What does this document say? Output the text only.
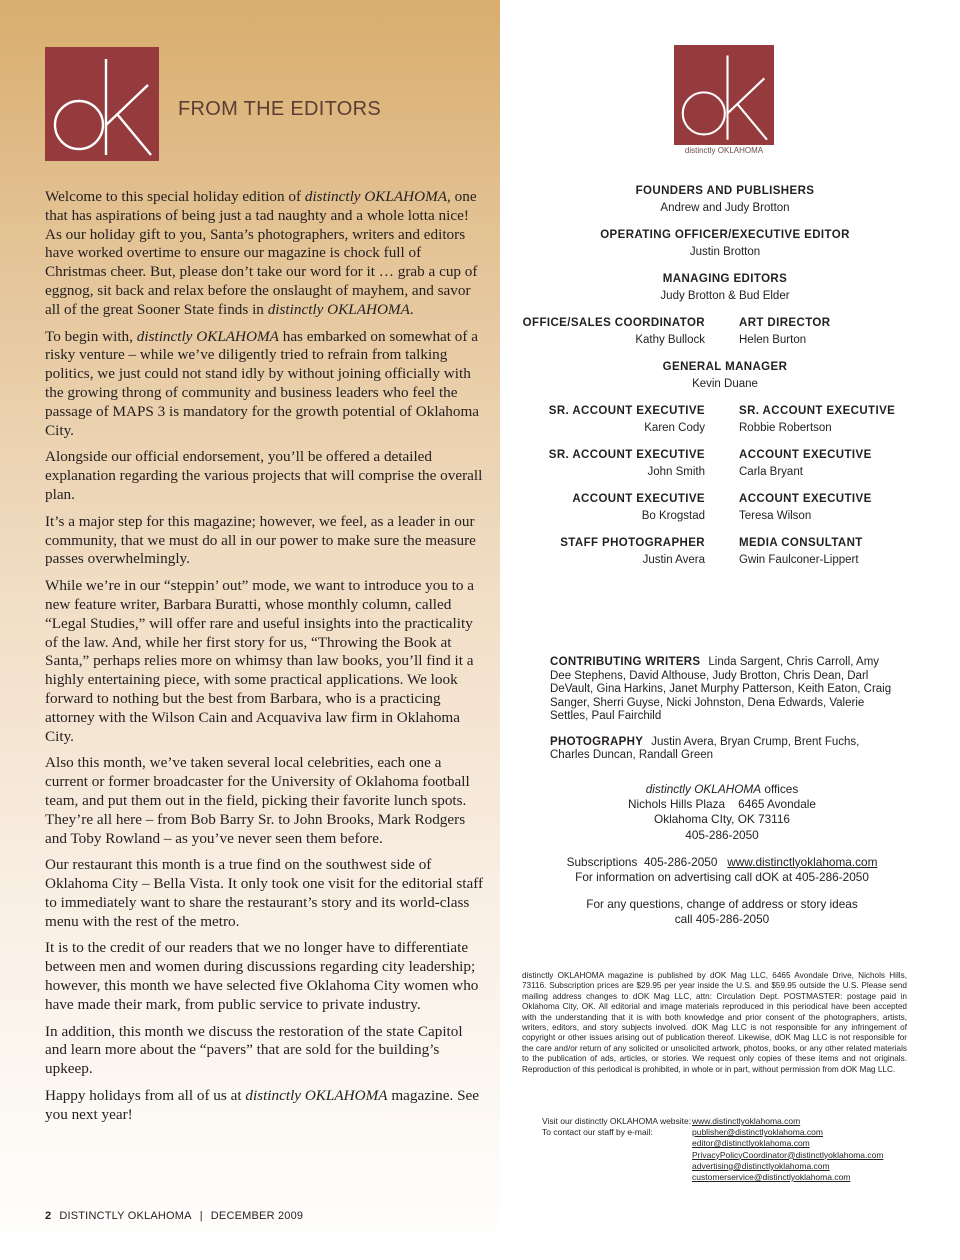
FROM THE EDITORS

Welcome to this special holiday edition of distinctly OKLAHOMA, one that has aspirations of being just a tad naughty and a whole lotta nice! As our holiday gift to you, Santa’s photographers, writers and editors have worked overtime to ensure our magazine is chock full of Christmas cheer. But, please don’t take our word for it … grab a cup of eggnog, sit back and relax before the onslaught of mayhem, and savor all of the great Sooner State finds in distinctly OKLAHOMA.

To begin with, distinctly OKLAHOMA has embarked on somewhat of a risky venture – while we’ve diligently tried to refrain from talking politics, we just could not stand idly by without joining officially with the growing throng of community and business leaders who feel the passage of MAPS 3 is mandatory for the growth potential of Oklahoma City.

Alongside our official endorsement, you’ll be offered a detailed explanation regarding the various projects that will comprise the overall plan.

It’s a major step for this magazine; however, we feel, as a leader in our community, that we must do all in our power to make sure the measure passes overwhelmingly.

While we’re in our “steppin’ out” mode, we want to introduce you to a new feature writer, Barbara Buratti, whose monthly column, called “Legal Studies,” will offer rare and useful insights into the practicality of the law. And, while her first story for us, “Throwing the Book at Santa,” perhaps relies more on whimsy than law books, you’ll find it a highly entertaining piece, with some practical applications. We look forward to nothing but the best from Barbara, who is a practicing attorney with the Wilson Cain and Acquaviva law firm in Oklahoma City.

Also this month, we’ve taken several local celebrities, each one a current or former broadcaster for the University of Oklahoma football team, and put them out in the field, picking their favorite lunch spots. They’re all here – from Bob Barry Sr. to John Brooks, Mark Rodgers and Toby Rowland – as you’ve never seen them before.

Our restaurant this month is a true find on the southwest side of Oklahoma City – Bella Vista. It only took one visit for the editorial staff to immediately want to share the restaurant’s story and its world-class menu with the rest of the metro.

It is to the credit of our readers that we no longer have to differentiate between men and women during discussions regarding city leadership; however, this month we have selected five Oklahoma City women who have made their mark, from public service to private industry.

In addition, this month we discuss the restoration of the state Capitol and learn more about the “pavers” that are sold for the building’s upkeep.

Happy holidays from all of us at distinctly OKLAHOMA magazine. See you next year!

2 DISTINCTLY OKLAHOMA | DECEMBER 2009
distinctly OKLAHOMA
FOUNDERS AND PUBLISHERS
Andrew and Judy Brotton
OPERATING OFFICER/EXECUTIVE EDITOR
Justin Brotton
MANAGING EDITORS
Judy Brotton & Bud Elder
OFFICE/SALES COORDINATOR
Kathy Bullock
ART DIRECTOR
Helen Burton
GENERAL MANAGER
Kevin Duane
SR. ACCOUNT EXECUTIVE
Karen Cody
SR. ACCOUNT EXECUTIVE
Robbie Robertson
SR. ACCOUNT EXECUTIVE
John Smith
ACCOUNT EXECUTIVE
Carla Bryant
ACCOUNT EXECUTIVE
Bo Krogstad
ACCOUNT EXECUTIVE
Teresa Wilson
STAFF PHOTOGRAPHER
Justin Avera
MEDIA CONSULTANT
Gwin Faulconer-Lippert

CONTRIBUTING WRITERS Linda Sargent, Chris Carroll, Amy Dee Stephens, David Althouse, Judy Brotton, Chris Dean, Darl DeVault, Gina Harkins, Janet Murphy Patterson, Keith Eaton, Craig Sanger, Sherri Guyse, Nicki Johnston, Dena Edwards, Valerie Settles, Paul Fairchild

PHOTOGRAPHY Justin Avera, Bryan Crump, Brent Fuchs, Charles Duncan, Randall Green

distinctly OKLAHOMA offices
Nichols Hills Plaza    6465 Avondale
Oklahoma CIty, OK 73116
405-286-2050
Subscriptions  405-286-2050 www.distinctlyoklahoma.com
For information on advertising call dOK at 405-286-2050
For any questions, change of address or story ideas
call 405-286-2050
distinctly OKLAHOMA magazine is published by dOK Mag LLC, 6465 Avondale Drive, Nichols Hills, 73116. Subscription prices are $29.95 per year inside the U.S. and $59.95 outside the U.S. Please send mailing address changes to dOK Mag LLC, attn: Circulation Dept. POSTMASTER: postage paid in Oklahoma City, OK. All editorial and image materials reproduced in this periodical have been accepted with the understanding that it is with both knowledge and prior consent of the photographers, artists, writers, editors, and story subjects involved. dOK Mag LLC is not responsible for any infringement of copyright or other issues arising out of publication thereof. Likewise, dOK Mag LLC is not responsible for the care and/or return of any solicited or unsolicited artwork, photos, books, or any other related materials to the publication of ads, articles, or stories. We request only copies of these items and not originals. Reproduction of this periodical is prohibited, in whole or in part, without permission from dOK Mag LLC.
Visit our distinctly OKLAHOMA website: www.distinctlyoklahoma.com
To contact our staff by e-mail:	publisher@distinctlyoklahoma.com
editor@distinctlyoklahoma.com
PrivacyPolicyCoordinator@distinctlyoklahoma.com
advertising@distinctlyoklahoma.com
customerservice@distinctlyoklahoma.com
